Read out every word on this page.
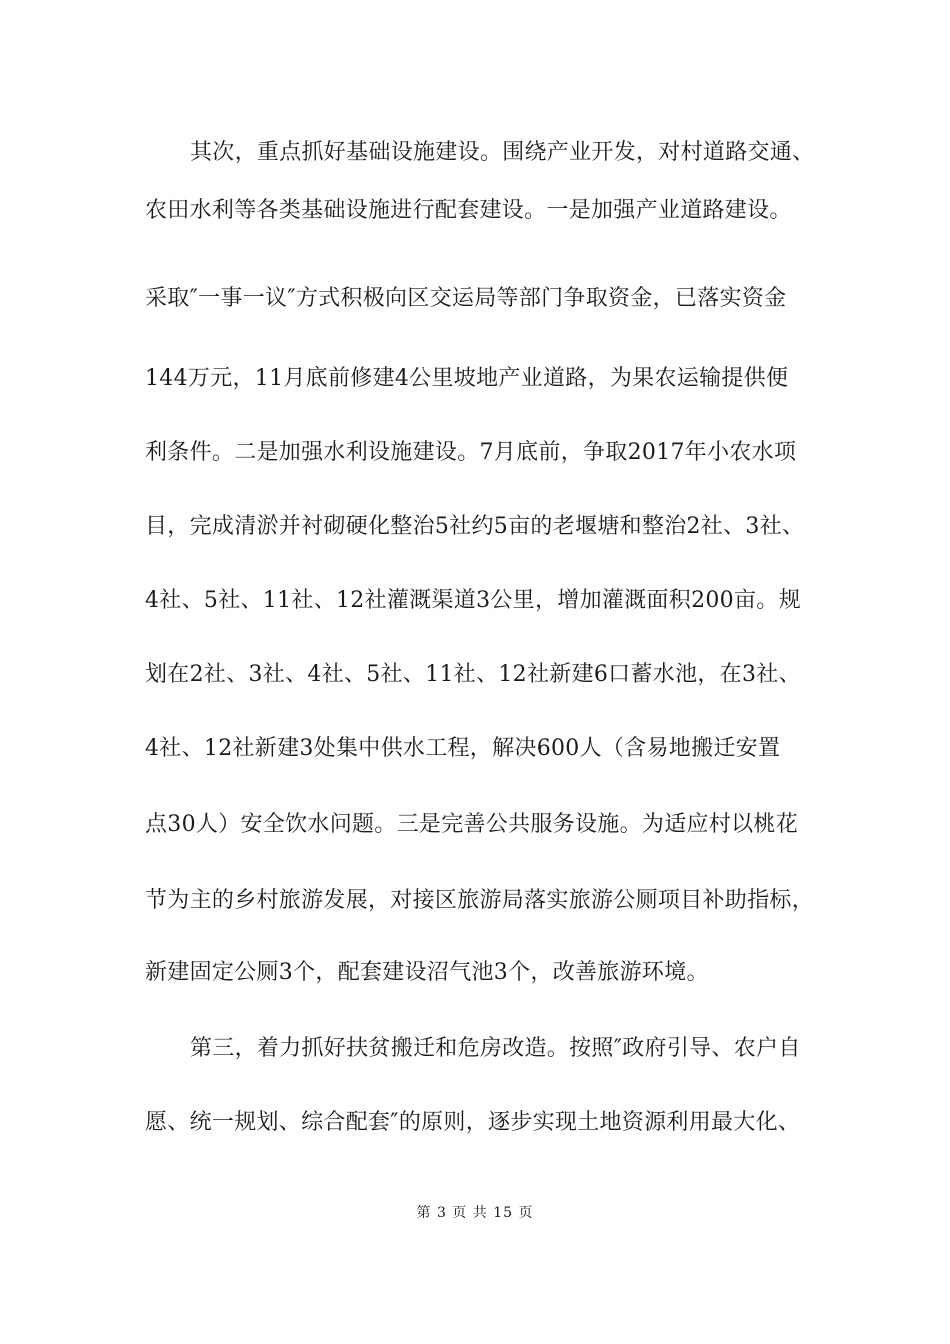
其次，重点抓好基础设施建设。围绕产业开发，对村道路交通、
农田水利等各类基础设施进行配套建设。一是加强产业道路建设。
采取″一事一议″方式积极向区交运局等部门争取资金，已落实资金
144万元，11月底前修建4公里坡地产业道路，为果农运输提供便
利条件。二是加强水利设施建设。7月底前，争取2017年小农水项
目，完成清淤并衬砌硬化整治5社约5亩的老堰塘和整治2社、3社、
4社、5社、11社、12社灌溉渠道3公里，增加灌溉面积200亩。规
划在2社、3社、4社、5社、11社、12社新建6口蓄水池，在3社、
4社、12社新建3处集中供水工程，解决600人（含易地搬迁安置
点30人）安全饮水问题。三是完善公共服务设施。为适应村以桃花
节为主的乡村旅游发展，对接区旅游局落实旅游公厕项目补助指标，
新建固定公厕3个，配套建设沼气池3个，改善旅游环境。
第三，着力抓好扶贫搬迁和危房改造。按照″政府引导、农户自
愿、统一规划、综合配套″的原则，逐步实现土地资源利用最大化、
第 3 页 共 15 页
